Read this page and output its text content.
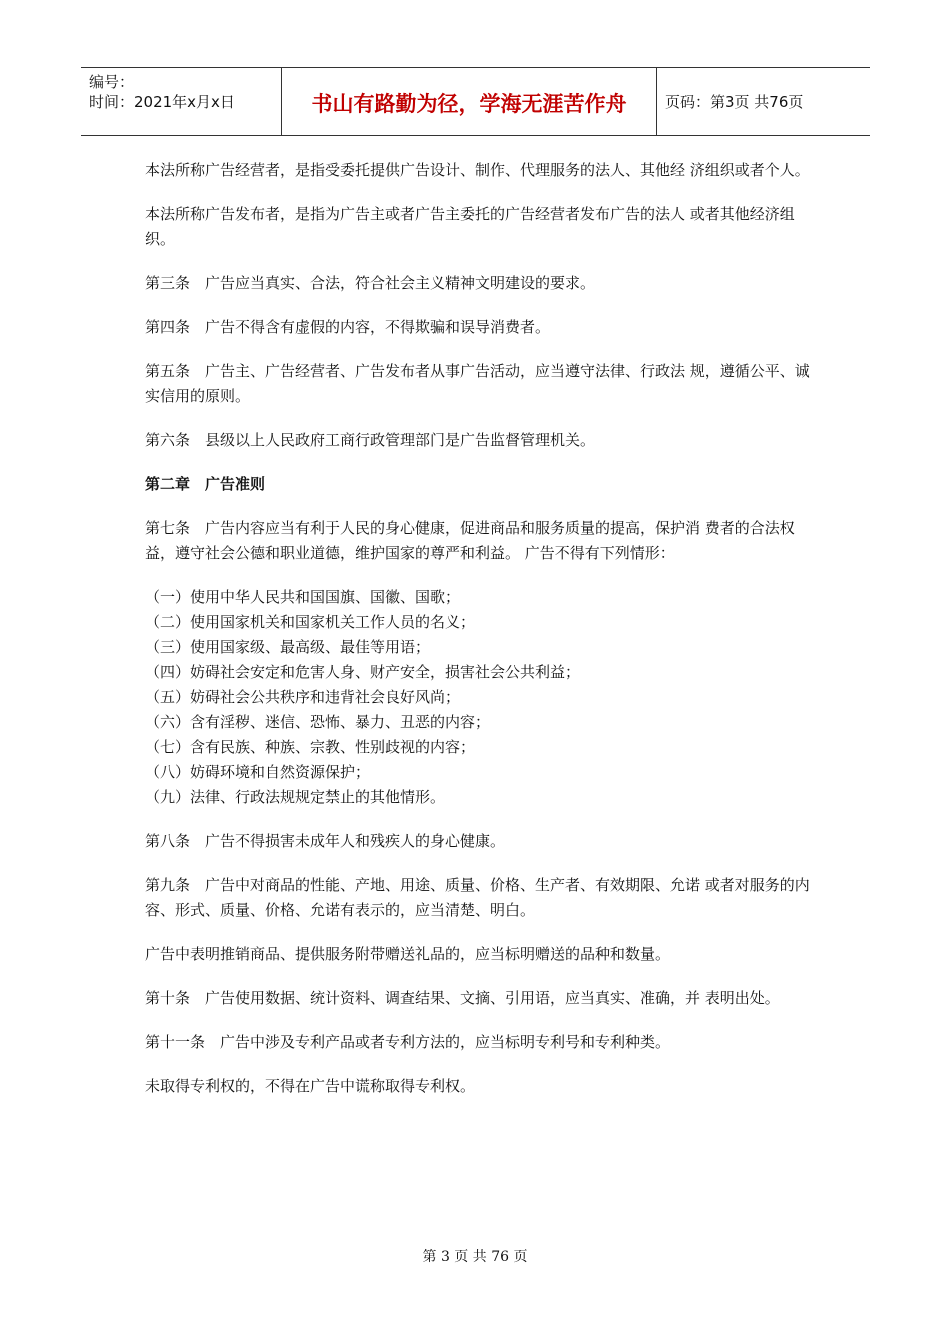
编号：
时间：2021年x月x日	书山有路勤为径，学海无涯苦作舟	页码：第3页 共76页

本法所称广告经营者，是指受委托提供广告设计、制作、代理服务的法人、其他经 济组织或者个人。

本法所称广告发布者，是指为广告主或者广告主委托的广告经营者发布广告的法人 或者其他经济组织。

第三条　广告应当真实、合法，符合社会主义精神文明建设的要求。

第四条　广告不得含有虚假的内容，不得欺骗和误导消费者。

第五条　广告主、广告经营者、广告发布者从事广告活动，应当遵守法律、行政法 规，遵循公平、诚实信用的原则。

第六条　县级以上人民政府工商行政管理部门是广告监督管理机关。

第二章　广告准则

第七条　广告内容应当有利于人民的身心健康，促进商品和服务质量的提高，保护消 费者的合法权益，遵守社会公德和职业道德，维护国家的尊严和利益。 广告不得有下列情形：

（一）使用中华人民共和国国旗、国徽、国歌；

（二）使用国家机关和国家机关工作人员的名义；

（三）使用国家级、最高级、最佳等用语；

（四）妨碍社会安定和危害人身、财产安全，损害社会公共利益；

（五）妨碍社会公共秩序和违背社会良好风尚；

（六）含有淫秽、迷信、恐怖、暴力、丑恶的内容；

（七）含有民族、种族、宗教、性别歧视的内容；

（八）妨碍环境和自然资源保护；

（九）法律、行政法规规定禁止的其他情形。

第八条　广告不得损害未成年人和残疾人的身心健康。

第九条　广告中对商品的性能、产地、用途、质量、价格、生产者、有效期限、允诺 或者对服务的内容、形式、质量、价格、允诺有表示的，应当清楚、明白。

广告中表明推销商品、提供服务附带赠送礼品的，应当标明赠送的品种和数量。

第十条　广告使用数据、统计资料、调查结果、文摘、引用语，应当真实、准确，并 表明出处。

第十一条　广告中涉及专利产品或者专利方法的，应当标明专利号和专利种类。

未取得专利权的，不得在广告中谎称取得专利权。

第 3 页 共 76 页
